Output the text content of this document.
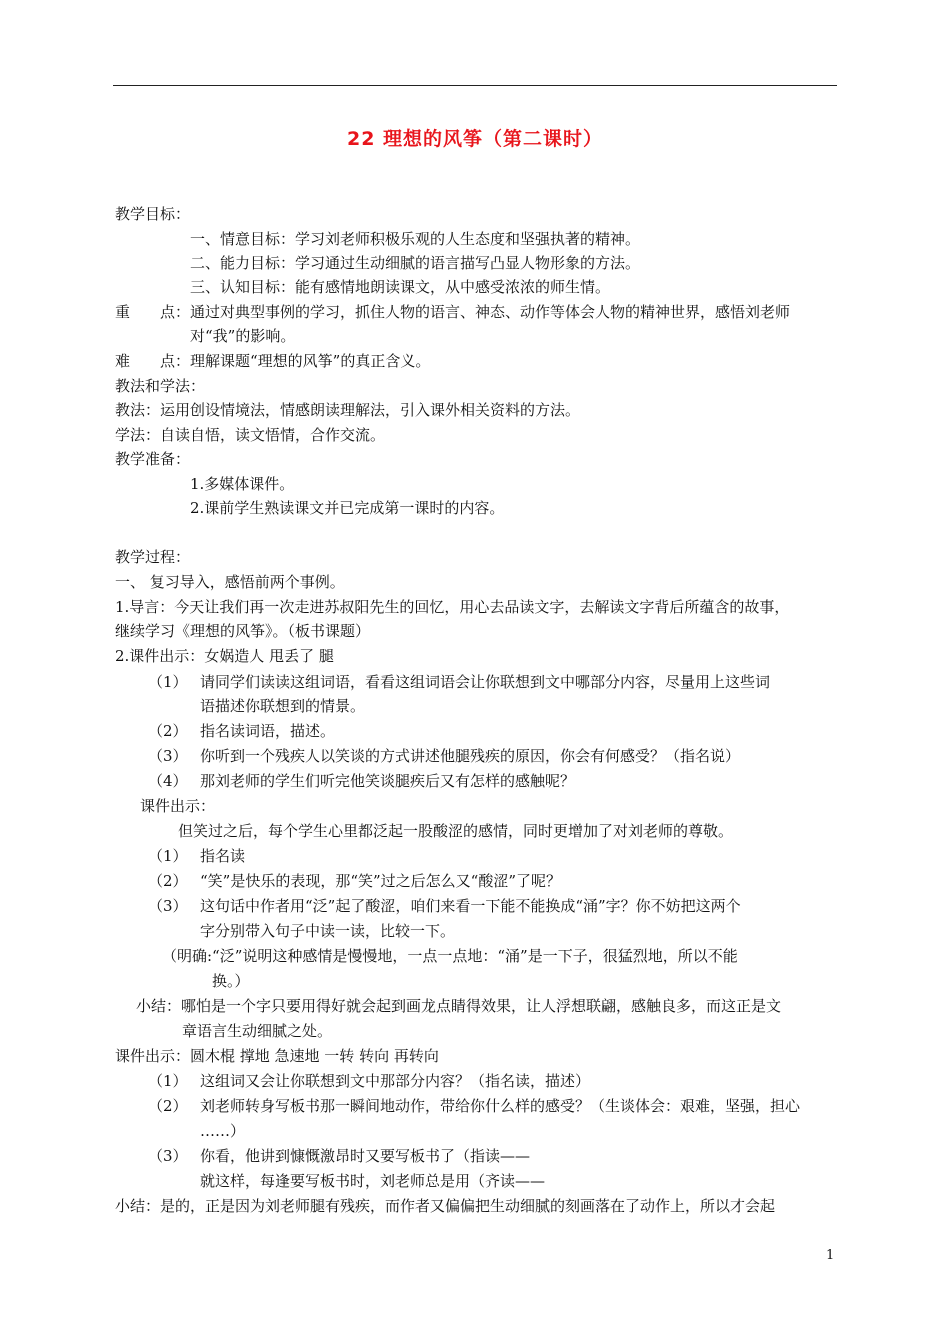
22 理想的风筝（第二课时）
教学目标：
一、情意目标：学习刘老师积极乐观的人生态度和坚强执著的精神。
二、能力目标：学习通过生动细腻的语言描写凸显人物形象的方法。
三、认知目标：能有感情地朗读课文，从中感受浓浓的师生情。
重　　点：通过对典型事例的学习，抓住人物的语言、神态、动作等体会人物的精神世界，感悟刘老师
对“我”的影响。
难　　点：理解课题“理想的风筝”的真正含义。
教法和学法：
教法：运用创设情境法，情感朗读理解法，引入课外相关资料的方法。
学法：自读自悟，读文悟情，合作交流。
教学准备：
1.多媒体课件。
2.课前学生熟读课文并已完成第一课时的内容。
教学过程：
一、 复习导入，感悟前两个事例。
1.导言：今天让我们再一次走进苏叔阳先生的回忆，用心去品读文字，去解读文字背后所蕴含的故事，
继续学习《理想的风筝》。（板书课题）
2.课件出示：女娲造人 甩丢了 腿
（1） 请同学们读读这组词语，看看这组词语会让你联想到文中哪部分内容，尽量用上这些词
语描述你联想到的情景。
（2） 指名读词语，描述。
（3） 你听到一个残疾人以笑谈的方式讲述他腿残疾的原因，你会有何感受？（指名说）
（4） 那刘老师的学生们听完他笑谈腿疾后又有怎样的感触呢？
课件出示：
但笑过之后，每个学生心里都泛起一股酸涩的感情，同时更增加了对刘老师的尊敬。
（1） 指名读
（2） “笑”是快乐的表现，那“笑”过之后怎么又“酸涩”了呢？
（3） 这句话中作者用“泛”起了酸涩，咱们来看一下能不能换成“涌”字？你不妨把这两个
字分别带入句子中读一读，比较一下。
（明确:“泛”说明这种感情是慢慢地，一点一点地：“涌”是一下子，很猛烈地，所以不能
换。）
小结：哪怕是一个字只要用得好就会起到画龙点睛得效果，让人浮想联翩，感触良多，而这正是文
章语言生动细腻之处。
课件出示：圆木棍 撑地 急速地 一转 转向 再转向
（1） 这组词又会让你联想到文中那部分内容？（指名读，描述）
（2） 刘老师转身写板书那一瞬间地动作，带给你什么样的感受？（生谈体会：艰难，坚强，担心
……）
（3） 你看，他讲到慷慨激昂时又要写板书了（指读——
就这样，每逢要写板书时，刘老师总是用（齐读——
小结：是的，正是因为刘老师腿有残疾，而作者又偏偏把生动细腻的刻画落在了动作上，所以才会起
1
